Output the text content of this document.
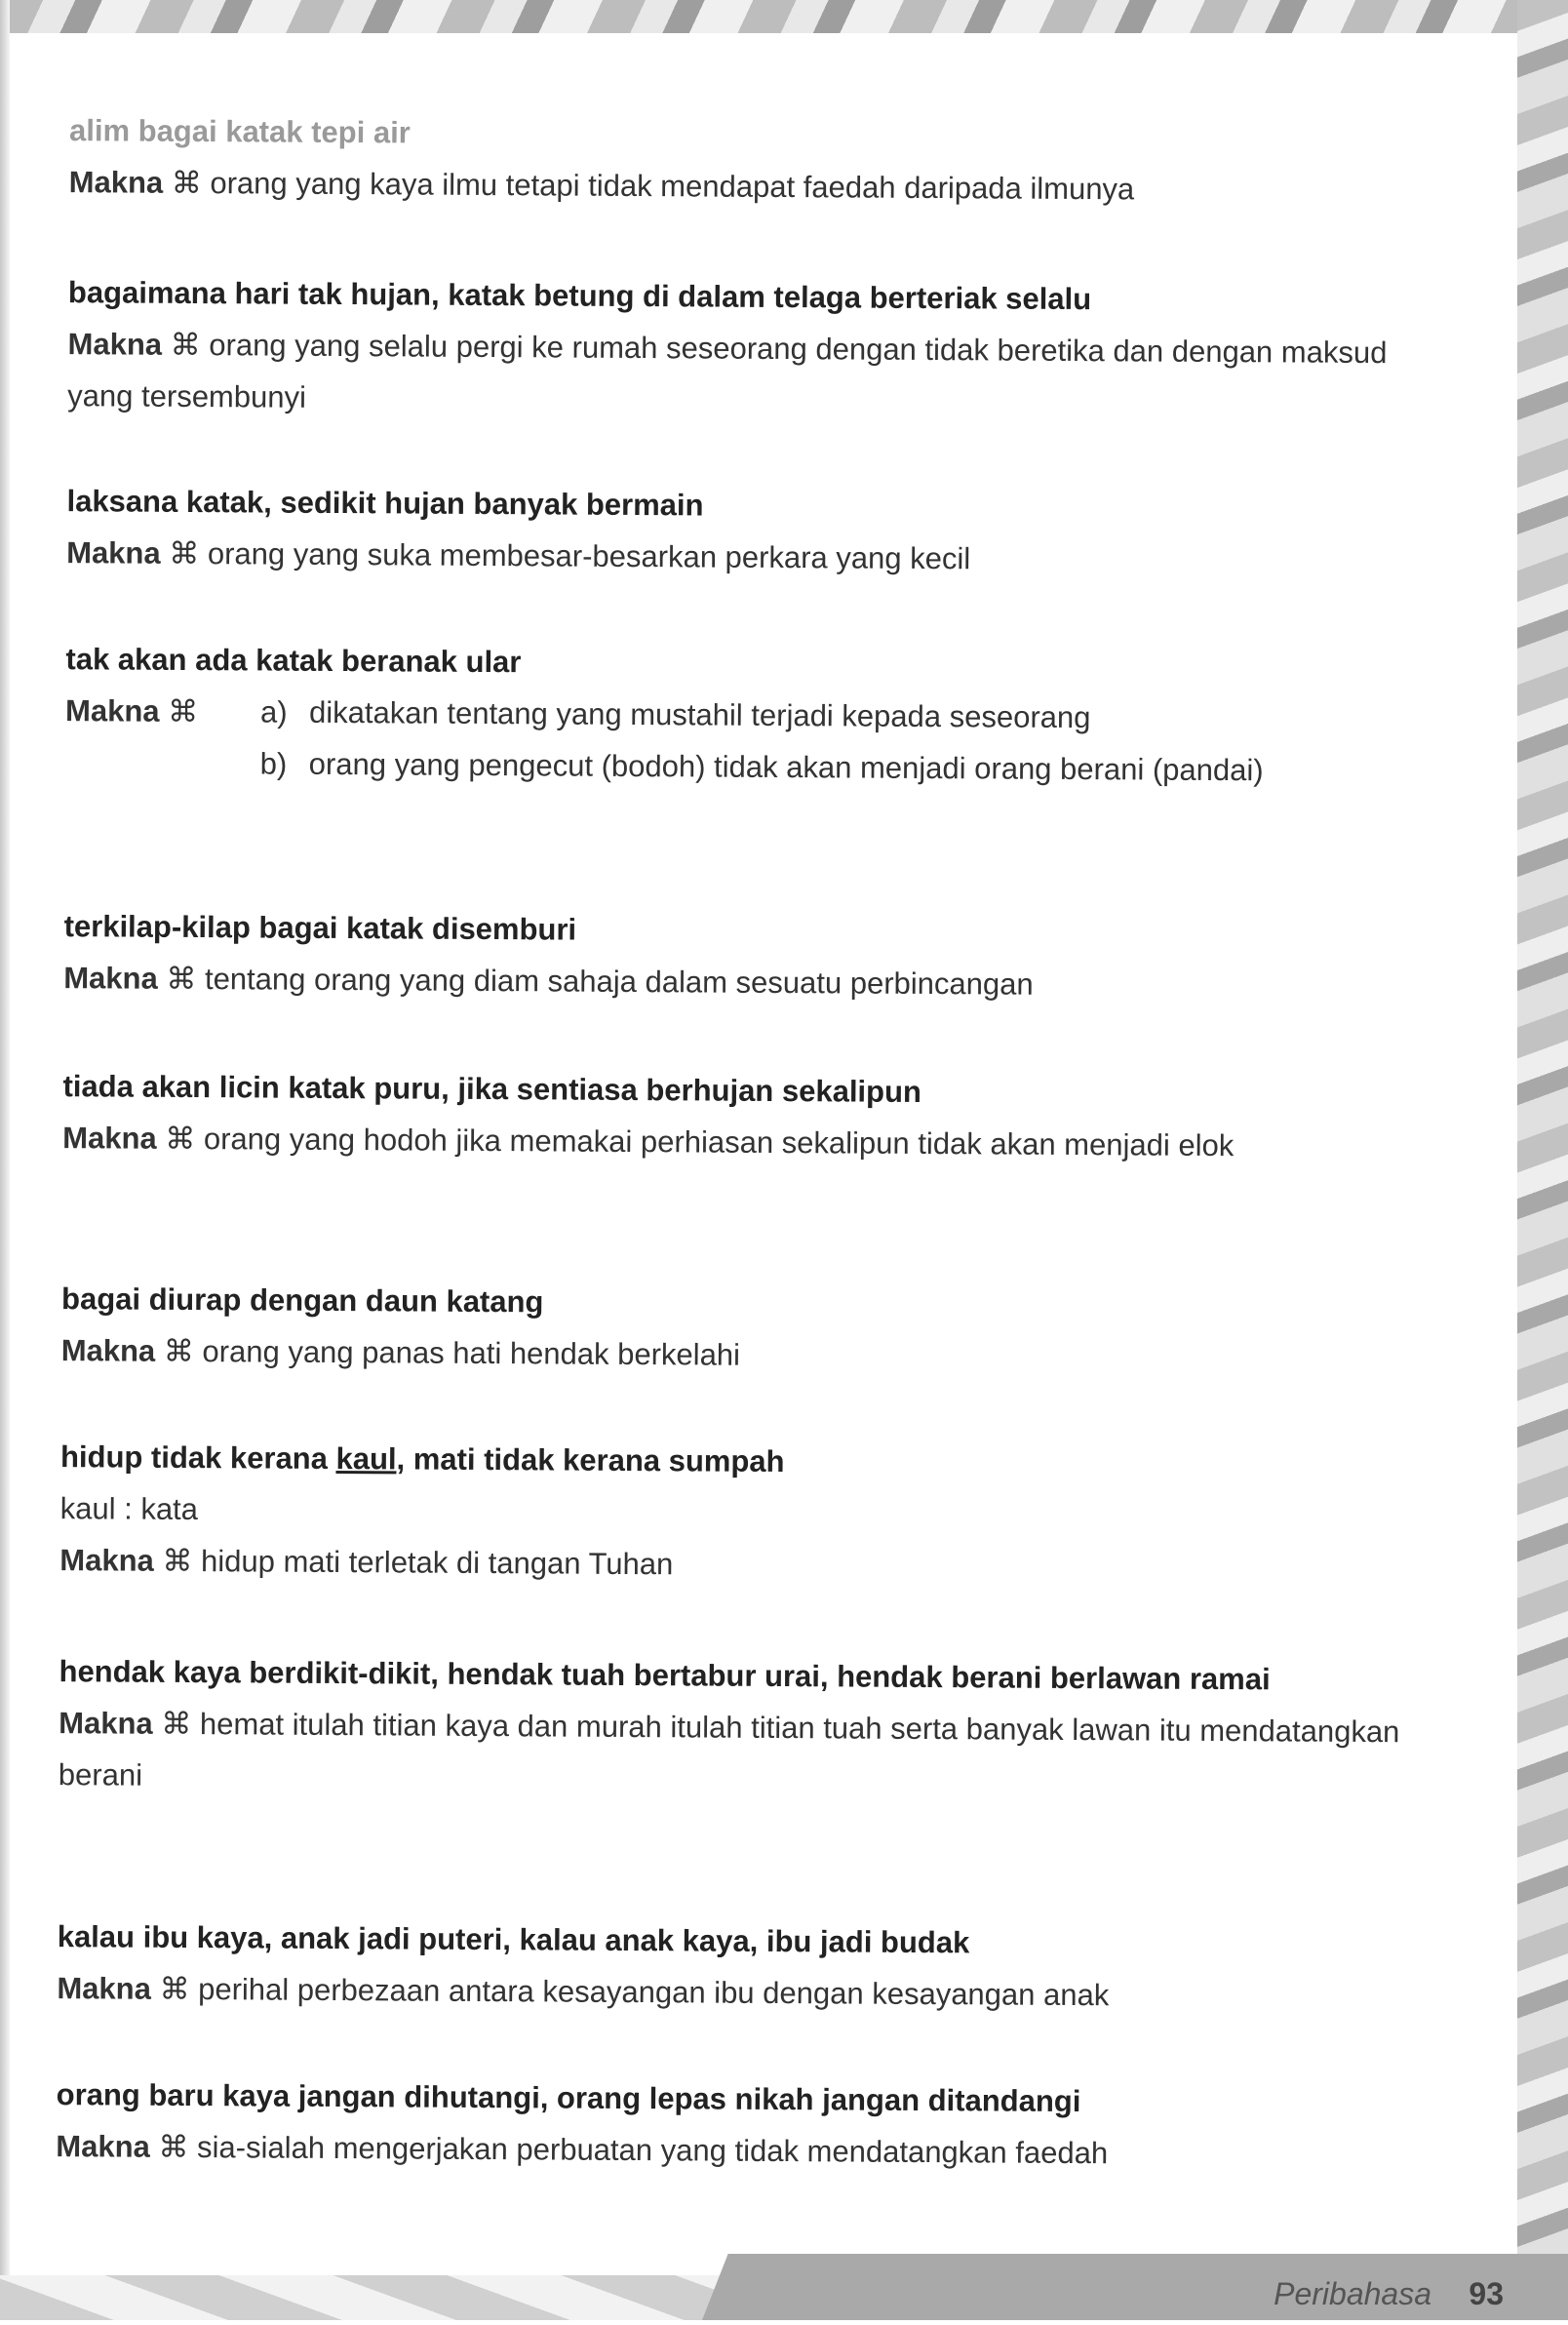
Peribahasa 93
alim bagai katak tepi air
Makna ⌘ orang yang kaya ilmu tetapi tidak mendapat faedah daripada ilmunya
bagaimana hari tak hujan, katak betung di dalam telaga berteriak selalu
Makna ⌘ orang yang selalu pergi ke rumah seseorang dengan tidak beretika dan dengan maksud yang tersembunyi
laksana katak, sedikit hujan banyak bermain
Makna ⌘ orang yang suka membesar-besarkan perkara yang kecil
tak akan ada katak beranak ular
Makna ⌘	a) dikatakan tentang yang mustahil terjadi kepada seseorang
b) orang yang pengecut (bodoh) tidak akan menjadi orang berani (pandai)
terkilap-kilap bagai katak disemburi
Makna ⌘ tentang orang yang diam sahaja dalam sesuatu perbincangan
tiada akan licin katak puru, jika sentiasa berhujan sekalipun
Makna ⌘ orang yang hodoh jika memakai perhiasan sekalipun tidak akan menjadi elok
bagai diurap dengan daun katang
Makna ⌘ orang yang panas hati hendak berkelahi
hidup tidak kerana kaul, mati tidak kerana sumpah
kaul : kata
Makna ⌘ hidup mati terletak di tangan Tuhan
hendak kaya berdikit-dikit, hendak tuah bertabur urai, hendak berani berlawan ramai
Makna ⌘ hemat itulah titian kaya dan murah itulah titian tuah serta banyak lawan itu mendatangkan berani
kalau ibu kaya, anak jadi puteri, kalau anak kaya, ibu jadi budak
Makna ⌘ perihal perbezaan antara kesayangan ibu dengan kesayangan anak
orang baru kaya jangan dihutangi, orang lepas nikah jangan ditandangi
Makna ⌘ sia-sialah mengerjakan perbuatan yang tidak mendatangkan faedah
